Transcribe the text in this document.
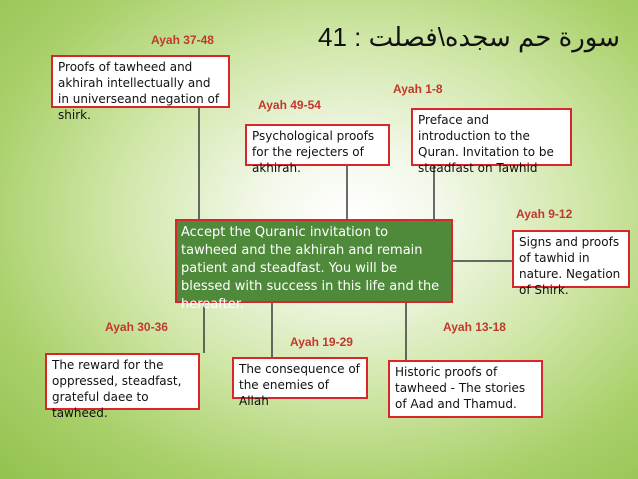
41 : سورة حم سجده\فصلت
Ayah 37-48
Proofs of tawheed and akhirah intellectually and in universeand negation of shirk.
Ayah 49-54
Psychological proofs for the rejecters of akhirah.
Ayah 1-8
Preface and introduction to the Quran. Invitation to be steadfast on Tawhid
Ayah 9-12
Signs and proofs of tawhid in nature. Negation of Shirk.
Accept the Quranic invitation to tawheed and the akhirah and remain patient and steadfast. You will be blessed with success in this life and the hereafter.
Ayah 30-36
The reward for the oppressed, steadfast, grateful daee to tawheed.
Ayah 19-29
The consequence of the enemies of Allah
Ayah 13-18
Historic proofs of tawheed - The stories of Aad and Thamud.
